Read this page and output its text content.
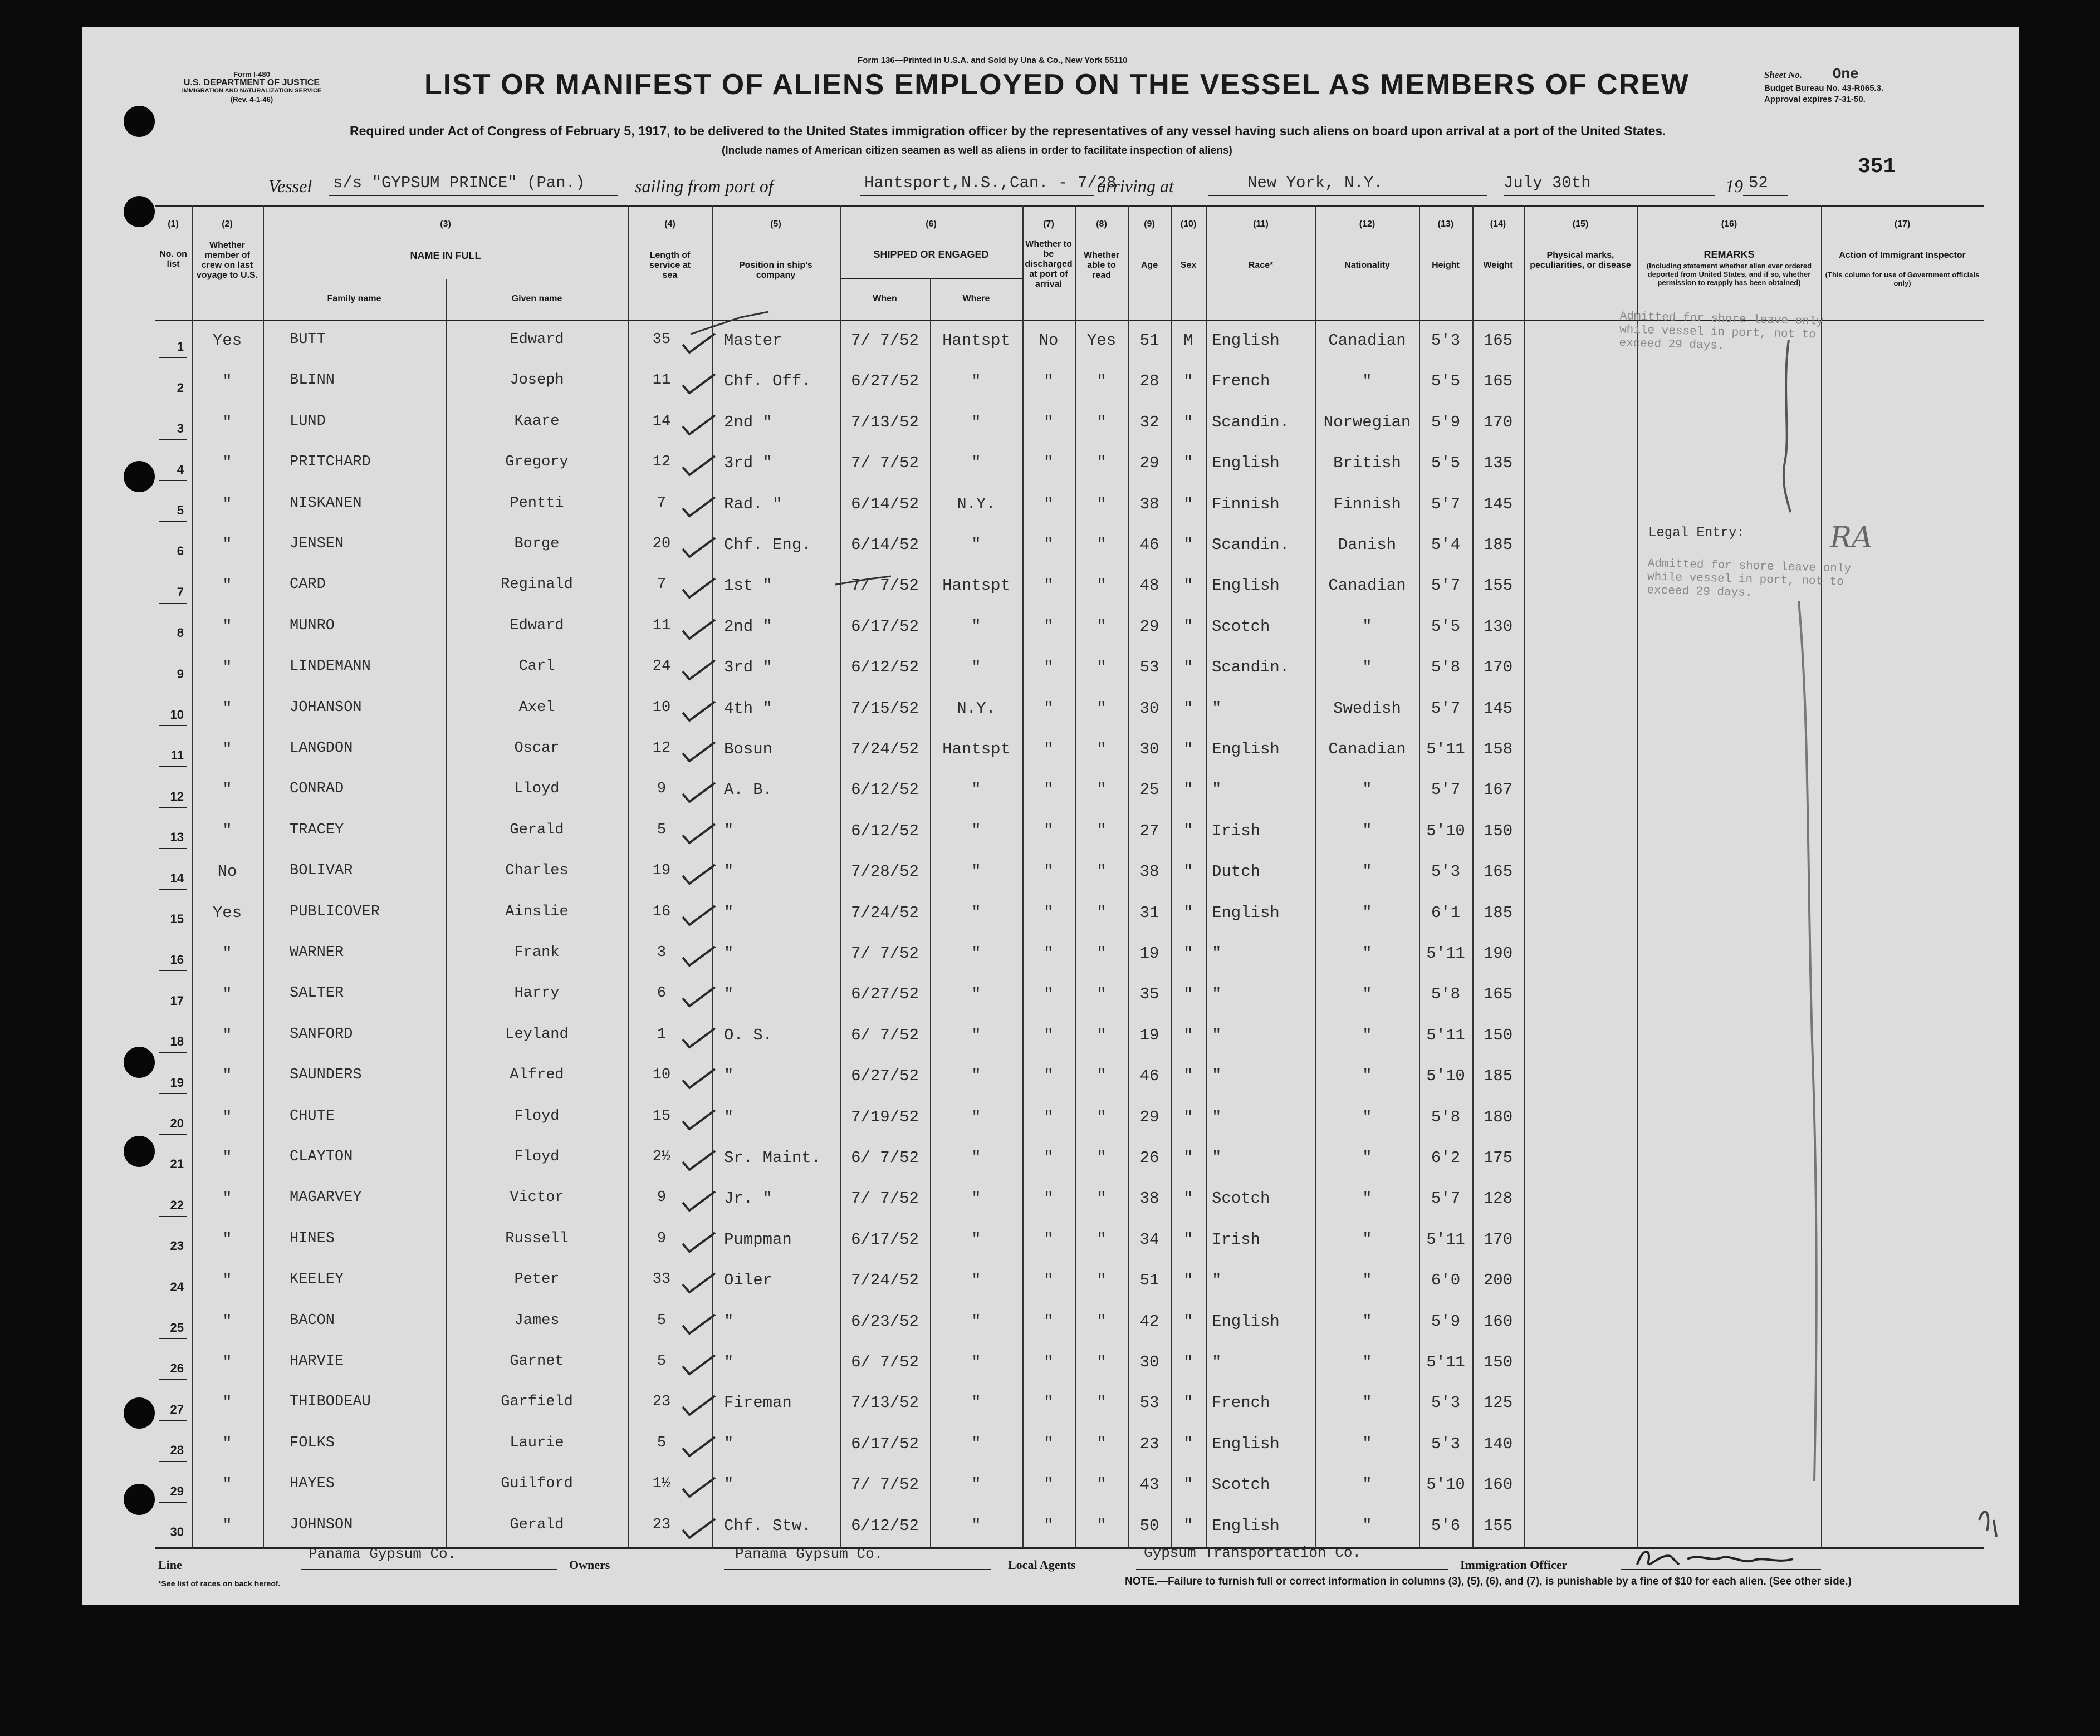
Form I-480
U.S. DEPARTMENT OF JUSTICE
IMMIGRATION AND NATURALIZATION SERVICE
(Rev. 4-1-46)
Form 136—Printed in U.S.A. and Sold by Una & Co., New York 55110
LIST OR MANIFEST OF ALIENS EMPLOYED ON THE VESSEL AS MEMBERS OF CREW	Sheet No. One
Budget Bureau No. 43-R065.3.
Approval expires 7-31-50.
Required under Act of Congress of February 5, 1917, to be delivered to the United States immigration officer by the representatives of any vessel having such aliens on board upon arrival at a port of the United States.
(Include names of American citizen seamen as well as aliens in order to facilitate inspection of aliens)
351
Vessel s/s "GYPSUM PRINCE" (Pan.)	sailing from port of	Hantsport,N.S.,Can. - 7/28
arriving at	New York, N.Y.	July 30th	19 52
(1)	(2)	(3)	(4)	(5)	(6)	(7)	(8)	(9)	(10)	(11)	(12)	(13)	(14)	(15)	(16)	(17)
No. on list
Whether member of crew on last voyage to U.S.
NAME IN FULL
Family name	Given name
Length of service at sea
Position in ship's company
SHIPPED OR ENGAGED
When	Where
Whether to be discharged at port of arrival
Whether able to read
Age	Sex	Race*	Nationality	Height	Weight
Physical marks, peculiarities, or disease
REMARKS
(Including statement whether alien ever ordered deported from United States, and if so, whether permission to reapply has been obtained)
Action of Immigrant Inspector
(This column for use of Government officials only)
1	Yes	BUTT	Edward	35	Master	7/ 7/52	Hantspt	No	Yes	51	M	English	Canadian	5'3	165
2	"	BLINN	Joseph	11	Chf. Off.	6/27/52	"	"	"	28	"	French	"	5'5	165
3	"	LUND	Kaare	14	2nd "	7/13/52	"	"	"	32	"	Scandin.	Norwegian	5'9	170
4	"	PRITCHARD	Gregory	12	3rd "	7/ 7/52	"	"	"	29	"	English	British	5'5	135
5	"	NISKANEN	Pentti	7	Rad. "	6/14/52	N.Y.	"	"	38	"	Finnish	Finnish	5'7	145
6	"	JENSEN	Borge	20	Chf. Eng.	6/14/52	"	"	"	46	"	Scandin.	Danish	5'4	185
7	"	CARD	Reginald	7	1st "	7/ 7/52	Hantspt	"	"	48	"	English	Canadian	5'7	155
8	"	MUNRO	Edward	11	2nd "	6/17/52	"	"	"	29	"	Scotch	"	5'5	130
9	"	LINDEMANN	Carl	24	3rd "	6/12/52	"	"	"	53	"	Scandin.	"	5'8	170
10	"	JOHANSON	Axel	10	4th "	7/15/52	N.Y.	"	"	30	"	"	Swedish	5'7	145
11	"	LANGDON	Oscar	12	Bosun	7/24/52	Hantspt	"	"	30	"	English	Canadian	5'11	158
12	"	CONRAD	Lloyd	9	A. B.	6/12/52	"	"	"	25	"	"	"	5'7	167
13	"	TRACEY	Gerald	5	"	6/12/52	"	"	"	27	"	Irish	"	5'10	150
14	No	BOLIVAR	Charles	19	"	7/28/52	"	"	"	38	"	Dutch	"	5'3	165
15	Yes	PUBLICOVER	Ainslie	16	"	7/24/52	"	"	"	31	"	English	"	6'1	185
16	"	WARNER	Frank	3	"	7/ 7/52	"	"	"	19	"	"	"	5'11	190
17	"	SALTER	Harry	6	"	6/27/52	"	"	"	35	"	"	"	5'8	165
18	"	SANFORD	Leyland	1	O. S.	6/ 7/52	"	"	"	19	"	"	"	5'11	150
19	"	SAUNDERS	Alfred	10	"	6/27/52	"	"	"	46	"	"	"	5'10	185
20	"	CHUTE	Floyd	15	"	7/19/52	"	"	"	29	"	"	"	5'8	180
21	"	CLAYTON	Floyd	2½	Sr. Maint.	6/ 7/52	"	"	"	26	"	"	"	6'2	175
22	"	MAGARVEY	Victor	9	Jr. "	7/ 7/52	"	"	"	38	"	Scotch	"	5'7	128
23	"	HINES	Russell	9	Pumpman	6/17/52	"	"	"	34	"	Irish	"	5'11	170
24	"	KEELEY	Peter	33	Oiler	7/24/52	"	"	"	51	"	"	"	6'0	200
25	"	BACON	James	5	"	6/23/52	"	"	"	42	"	English	"	5'9	160
26	"	HARVIE	Garnet	5	"	6/ 7/52	"	"	"	30	"	"	"	5'11	150
27	"	THIBODEAU	Garfield	23	Fireman	7/13/52	"	"	"	53	"	French	"	5'3	125
28	"	FOLKS	Laurie	5	"	6/17/52	"	"	"	23	"	English	"	5'3	140
29	"	HAYES	Guilford	1½	"	7/ 7/52	"	"	"	43	"	Scotch	"	5'10	160
30	"	JOHNSON	Gerald	23	Chf. Stw.	6/12/52	"	"	"	50	"	English	"	5'6	155
Admitted for shore leave only
while vessel in port, not to
exceed 29 days.
Legal Entry:	RA
Admitted for shore leave only
while vessel in port, not to
exceed 29 days.
Line
Panama Gypsum Co.
Owners
Panama Gypsum Co.
Local Agents
Gypsum Transportation Co.
Immigration Officer
*See list of races on back hereof.	NOTE.—Failure to furnish full or correct information in columns (3), (5), (6), and (7), is punishable by a fine of $10 for each alien. (See other side.)
